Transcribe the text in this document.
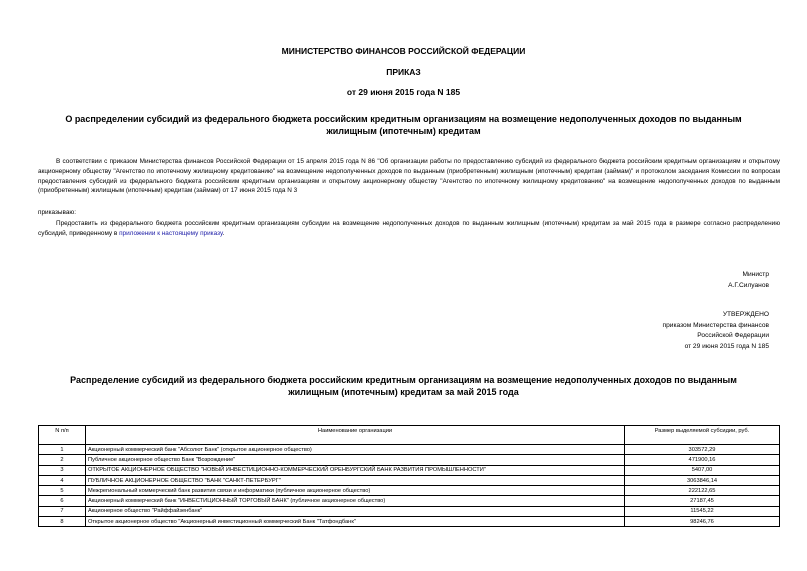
МИНИСТЕРСТВО ФИНАНСОВ РОССИЙСКОЙ ФЕДЕРАЦИИ
ПРИКАЗ
от 29 июня 2015 года N 185
О распределении субсидий из федерального бюджета российским кредитным организациям на возмещение недополученных доходов по выданным жилищным (ипотечным) кредитам
В соответствии с приказом Министерства финансов Российской Федерации от 15 апреля 2015 года N 86 "Об организации работы по предоставлению субсидий из федерального бюджета российским кредитным организациям и открытому акционерному обществу "Агентство по ипотечному жилищному кредитованию" на возмещение недополученных доходов по выданным (приобретенным) жилищным (ипотечным) кредитам (займам)" и протоколом заседания Комиссии по вопросам предоставления субсидий из федерального бюджета российским кредитным организациям и открытому акционерному обществу "Агентство по ипотечному жилищному кредитованию" на возмещение недополученных доходов по выданным (приобретенным) жилищным (ипотечным) кредитам (займам) от 17 июня 2015 года N 3
приказываю:
Предоставить из федерального бюджета российским кредитным организациям субсидии на возмещение недополученных доходов по выданным жилищным (ипотечным) кредитам за май 2015 года в размере согласно распределению субсидий, приведенному в приложении к настоящему приказу.
Министр
А.Г.Силуанов
УТВЕРЖДЕНО
приказом Министерства финансов
Российской Федерации
от 29 июня 2015 года N 185
Распределение субсидий из федерального бюджета российским кредитным организациям на возмещение недополученных доходов по выданным жилищным (ипотечным) кредитам за май 2015 года
N п/п	Наименование организации	Размер выделяемой субсидии, руб.
1	Акционерный коммерческий банк "Абсолют Банк" (открытое акционерное общество)	303572,29
2	Публичное акционерное общество Банк "Возрождение"	471900,16
3	ОТКРЫТОЕ АКЦИОНЕРНОЕ ОБЩЕСТВО "НОВЫЙ ИНВЕСТИЦИОННО-КОММЕРЧЕСКИЙ ОРЕНБУРГСКИЙ БАНК РАЗВИТИЯ ПРОМЫШЛЕННОСТИ"	5407,00
4	ПУБЛИЧНОЕ АКЦИОНЕРНОЕ ОБЩЕСТВО "БАНК "САНКТ-ПЕТЕРБУРГ"	3063846,14
5	Межрегиональный коммерческий банк развития связи и информатики (публичное акционерное общество)	222122,65
6	Акционерный коммерческий банк "ИНВЕСТИЦИОННЫЙ ТОРГОВЫЙ БАНК" (публичное акционерное общество)	27187,45
7	Акционерное общество "Райффайзенбанк"	11545,22
8	Открытое акционерное общество "Акционерный инвестиционный коммерческий Банк "Татфондбанк"	98246,76
